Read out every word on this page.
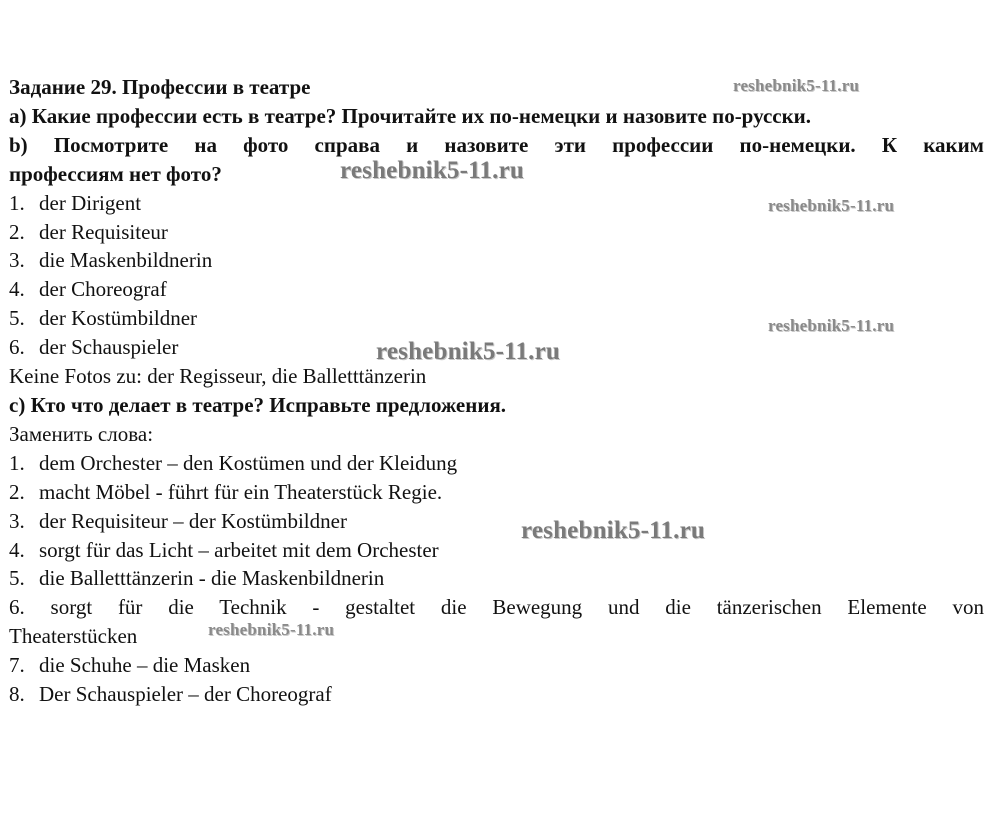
Задание 29. Профессии в театре
а) Какие профессии есть в театре? Прочитайте их по-немецки и назовите по-русски.
b) Посмотрите на фото справа и назовите эти профессии по-немецки. К каким
профессиям нет фото?
1. der Dirigent
2. der Requisiteur
3. die Maskenbildnerin
4. der Choreograf
5. der Kostümbildner
6. der Schauspieler
Keine Fotos zu: der Regisseur, die Balletttänzerin
с) Кто что делает в театре? Исправьте предложения.
Заменить слова:
1. dem Orchester – den Kostümen und der Kleidung
2. macht Möbel - führt für ein Theaterstück Regie.
3. der Requisiteur – der Kostümbildner
4. sorgt für das Licht – arbeitet mit dem Orchester
5. die Balletttänzerin - die Maskenbildnerin
6. sorgt für die Technik - gestaltet die Bewegung und die tänzerischen Elemente von
Theaterstücken
7. die Schuhe – die Masken
8. Der Schauspieler – der Choreograf
reshebnik5-11.ru
reshebnik5-11.ru
reshebnik5-11.ru
reshebnik5-11.ru
reshebnik5-11.ru
reshebnik5-11.ru
reshebnik5-11.ru
